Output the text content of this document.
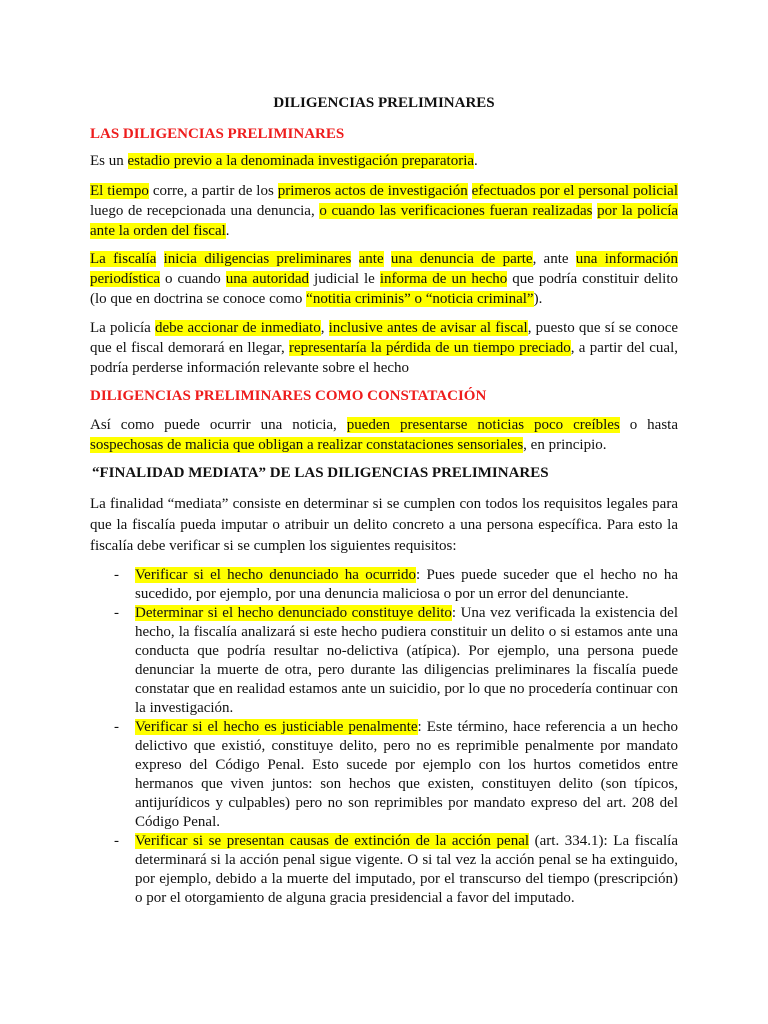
DILIGENCIAS PRELIMINARES
LAS DILIGENCIAS PRELIMINARES

Es un estadio previo a la denominada investigación preparatoria.

El tiempo corre, a partir de los primeros actos de investigación efectuados por el personal policial luego de recepcionada una denuncia, o cuando las verificaciones fueran realizadas por la policía ante la orden del fiscal.

La fiscalía inicia diligencias preliminares ante una denuncia de parte, ante una información periodística o cuando una autoridad judicial le informa de un hecho que podría constituir delito (lo que en doctrina se conoce como “notitia criminis” o “noticia criminal”).

La policía debe accionar de inmediato, inclusive antes de avisar al fiscal, puesto que sí se conoce que el fiscal demorará en llegar, representaría la pérdida de un tiempo preciado, a partir del cual, podría perderse información relevante sobre el hecho

DILIGENCIAS PRELIMINARES COMO CONSTATACIÓN

Así como puede ocurrir una noticia, pueden presentarse noticias poco creíbles o hasta sospechosas de malicia que obligan a realizar constataciones sensoriales, en principio.

“FINALIDAD MEDIATA” DE LAS DILIGENCIAS PRELIMINARES

La finalidad “mediata” consiste en determinar si se cumplen con todos los requisitos legales para que la fiscalía pueda imputar o atribuir un delito concreto a una persona específica. Para esto la fiscalía debe verificar si se cumplen los siguientes requisitos:

- Verificar si el hecho denunciado ha ocurrido: Pues puede suceder que el hecho no ha sucedido, por ejemplo, por una denuncia maliciosa o por un error del denunciante.
- Determinar si el hecho denunciado constituye delito: Una vez verificada la existencia del hecho, la fiscalía analizará si este hecho pudiera constituir un delito o si estamos ante una conducta que podría resultar no-delictiva (atípica). Por ejemplo, una persona puede denunciar la muerte de otra, pero durante las diligencias preliminares la fiscalía puede constatar que en realidad estamos ante un suicidio, por lo que no procedería continuar con la investigación.
- Verificar si el hecho es justiciable penalmente: Este término, hace referencia a un hecho delictivo que existió, constituye delito, pero no es reprimible penalmente por mandato expreso del Código Penal. Esto sucede por ejemplo con los hurtos cometidos entre hermanos que viven juntos: son hechos que existen, constituyen delito (son típicos, antijurídicos y culpables) pero no son reprimibles por mandato expreso del art. 208 del Código Penal.
- Verificar si se presentan causas de extinción de la acción penal (art. 334.1): La fiscalía determinará si la acción penal sigue vigente. O si tal vez la acción penal se ha extinguido, por ejemplo, debido a la muerte del imputado, por el transcurso del tiempo (prescripción) o por el otorgamiento de alguna gracia presidencial a favor del imputado.
